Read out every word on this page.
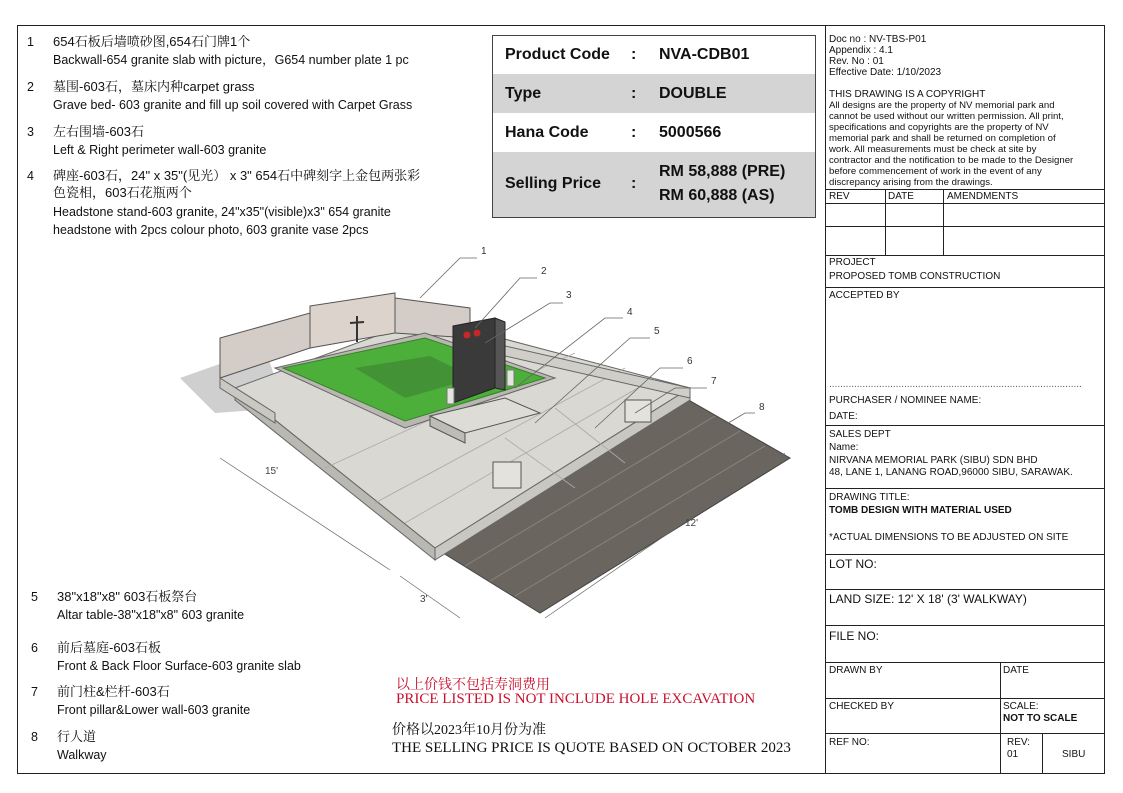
1	654石板后墙喷砂图,654石门牌1个
Backwall-654 granite slab with picture，G654 number plate 1 pc
2	墓围-603石，墓床内种carpet grass
Grave bed- 603 granite and fill up soil covered with Carpet Grass
3	左右围墙-603石
Left & Right perimeter wall-603 granite
4	碑座-603石，24" x 35"(见光） x 3" 654石中碑刻字上金包两张彩
色瓷相，603石花瓶两个
Headstone stand-603 granite, 24"x35"(visible)x3" 654 granite
headstone with 2pcs colour photo, 603 granite vase 2pcs
5	38"x18"x8" 603石板祭台
Altar table-38"x18"x8" 603 granite
6	前后墓庭-603石板
Front & Back Floor Surface-603 granite slab
7	前门柱&栏杆-603石
Front pillar&Lower wall-603 granite
8	行人道
Walkway
Product Code : NVA-CDB01
Type	: DOUBLE
Hana Code	: 5000566
Selling Price :
RM 58,888 (PRE)
RM 60,888 (AS)
1
2
3
4
5
6
7
8
15'
3'
12'
以上价钱不包括寿洞费用
PRICE LISTED IS NOT INCLUDE HOLE EXCAVATION
价格以2023年10月份为准
THE SELLING PRICE IS QUOTE BASED ON OCTOBER 2023
Doc no : NV-TBS-P01
Appendix : 4.1
Rev. No : 01
Effective Date: 1/10/2023
THIS DRAWING IS A COPYRIGHT
All designs are the property of NV memorial park and
cannot be used without our written permission. All print,
specifications and copyrights are the property of NV
memorial park and shall be returned on completion of
work. All measurements must be check at site by
contractor and the notification to be made to the Designer
before commencement of work in the event of any
discrepancy arising from the drawings.
REV	DATE	AMENDMENTS
PROJECT
PROPOSED TOMB CONSTRUCTION
ACCEPTED BY
...........................................................................................
PURCHASER / NOMINEE NAME:
DATE:
SALES DEPT
Name:
NIRVANA MEMORIAL PARK (SIBU) SDN BHD
48, LANE 1, LANANG ROAD,96000 SIBU, SARAWAK.
DRAWING TITLE:
TOMB DESIGN WITH MATERIAL USED
*ACTUAL DIMENSIONS TO BE ADJUSTED ON SITE
LOT NO:
LAND SIZE: 12' X 18' (3' WALKWAY)
FILE NO:
DRAWN BY	DATE
CHECKED BY	SCALE:
NOT TO SCALE
REF NO:	REV:
01	SIBU
